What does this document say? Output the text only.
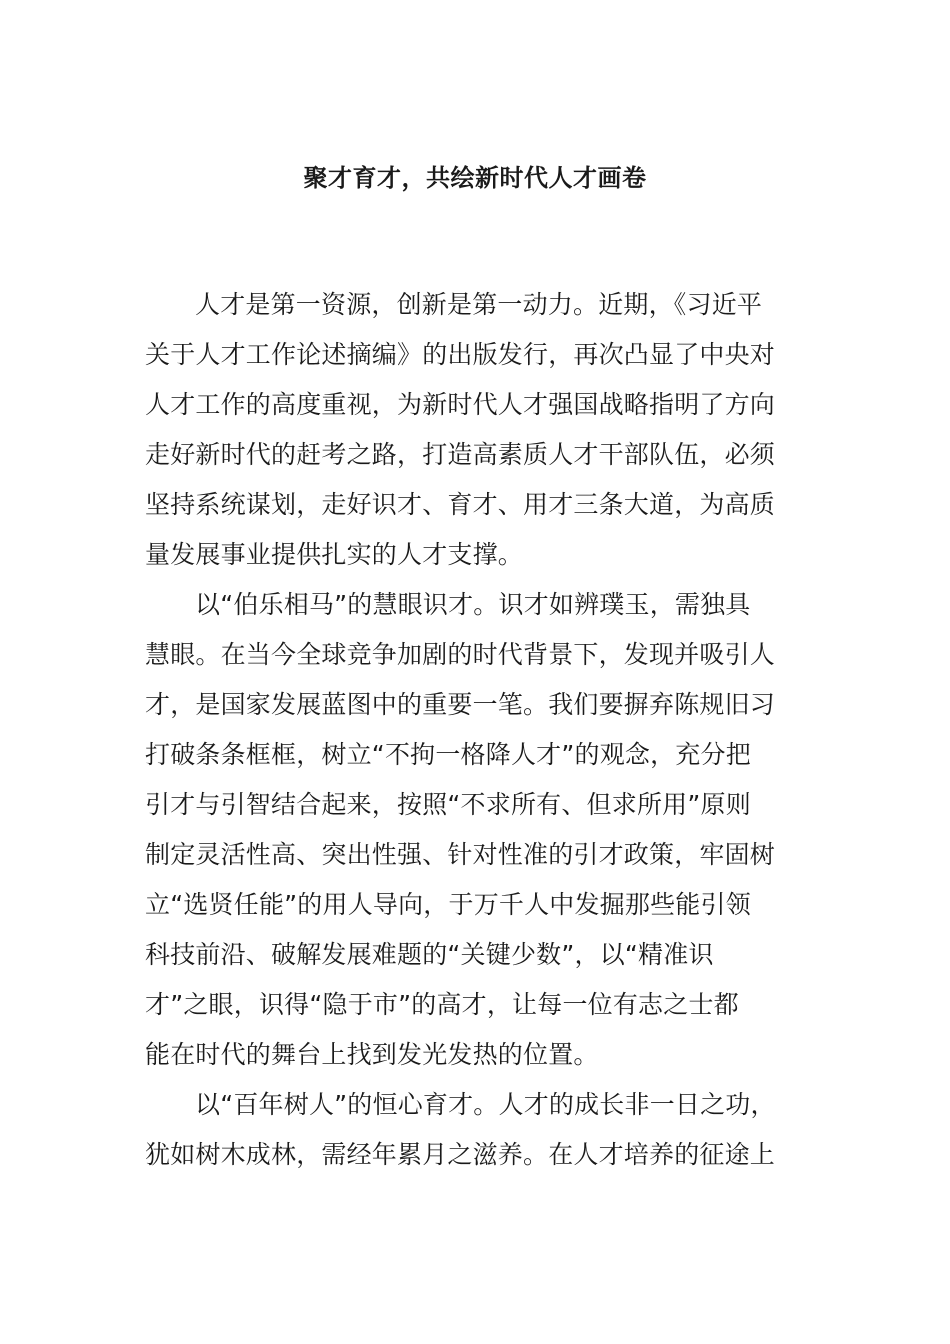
聚才育才，共绘新时代人才画卷
人才是第一资源，创新是第一动力。近期，《习近平
关于人才工作论述摘编》的出版发行，再次凸显了中央对
人才工作的高度重视，为新时代人才强国战略指明了方向
走好新时代的赶考之路，打造高素质人才干部队伍，必须
坚持系统谋划，走好识才、育才、用才三条大道，为高质
量发展事业提供扎实的人才支撑。
以“伯乐相马”的慧眼识才。识才如辨璞玉，需独具
慧眼。在当今全球竞争加剧的时代背景下，发现并吸引人
才，是国家发展蓝图中的重要一笔。我们要摒弃陈规旧习
打破条条框框，树立“不拘一格降人才”的观念，充分把
引才与引智结合起来，按照“不求所有、但求所用”原则
制定灵活性高、突出性强、针对性准的引才政策，牢固树
立“选贤任能”的用人导向，于万千人中发掘那些能引领
科技前沿、破解发展难题的“关键少数”，以“精准识
才”之眼，识得“隐于市”的高才，让每一位有志之士都
能在时代的舞台上找到发光发热的位置。
以“百年树人”的恒心育才。人才的成长非一日之功，
犹如树木成林，需经年累月之滋养。在人才培养的征途上
